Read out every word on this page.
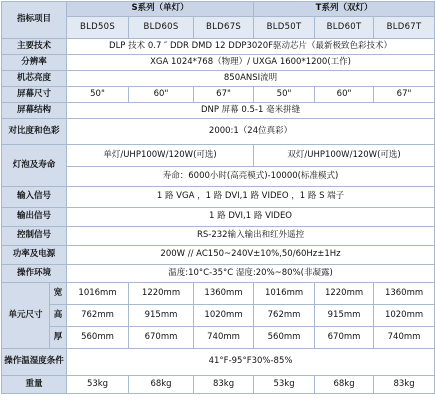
指标项目		S系列（单灯）			T系列（双灯）		
		BLD50S	BLD60S	BLD67S	BLD50T	BLD60T	BLD67T
主要技术		DLP 技术 0.7 ″ DDR DMD 12 DDP3020F驱动芯片（最新极致色彩技术）					
分辨率		XGA 1024*768（物理）/ UXGA 1600*1200(工作)					
机芯亮度		850ANSI流明					
屏幕尺寸		50"	60"	67"	50"	60"	67"
屏幕结构		DNP 屏幕 0.5-1 毫米拼缝					
对比度和色彩		2000:1（24位真彩）					
灯泡及寿命		单灯/UHP100W/120W(可选)			双灯/UHP100W/120W(可选)		
		寿命：6000小时(高亮模式)-10000(标准模式)					
输入信号		1 路 VGA ，1 路 DVI,1 路 VIDEO ，1 路 S 端子					
输出信号		1 路 DVI,1 路 VIDEO					
控制信号		RS-232输入输出和红外遥控					
功率及电源		200W // AC150~240V±10%,50/60Hz±1Hz					
操作环境		温度:10°C-35°C 湿度:20%~80%(非凝露)					
单元尺寸	宽	1016mm	1220mm	1360mm	1016mm	1220mm	1360mm
	高	762mm	915mm	1020mm	762mm	915mm	1020mm
	厚	560mm	670mm	740mm	560mm	670mm	740mm
操作温湿度条件		41°F-95°F30%-85%					
重量		53kg	68kg	83kg	53kg	68kg	83kg
